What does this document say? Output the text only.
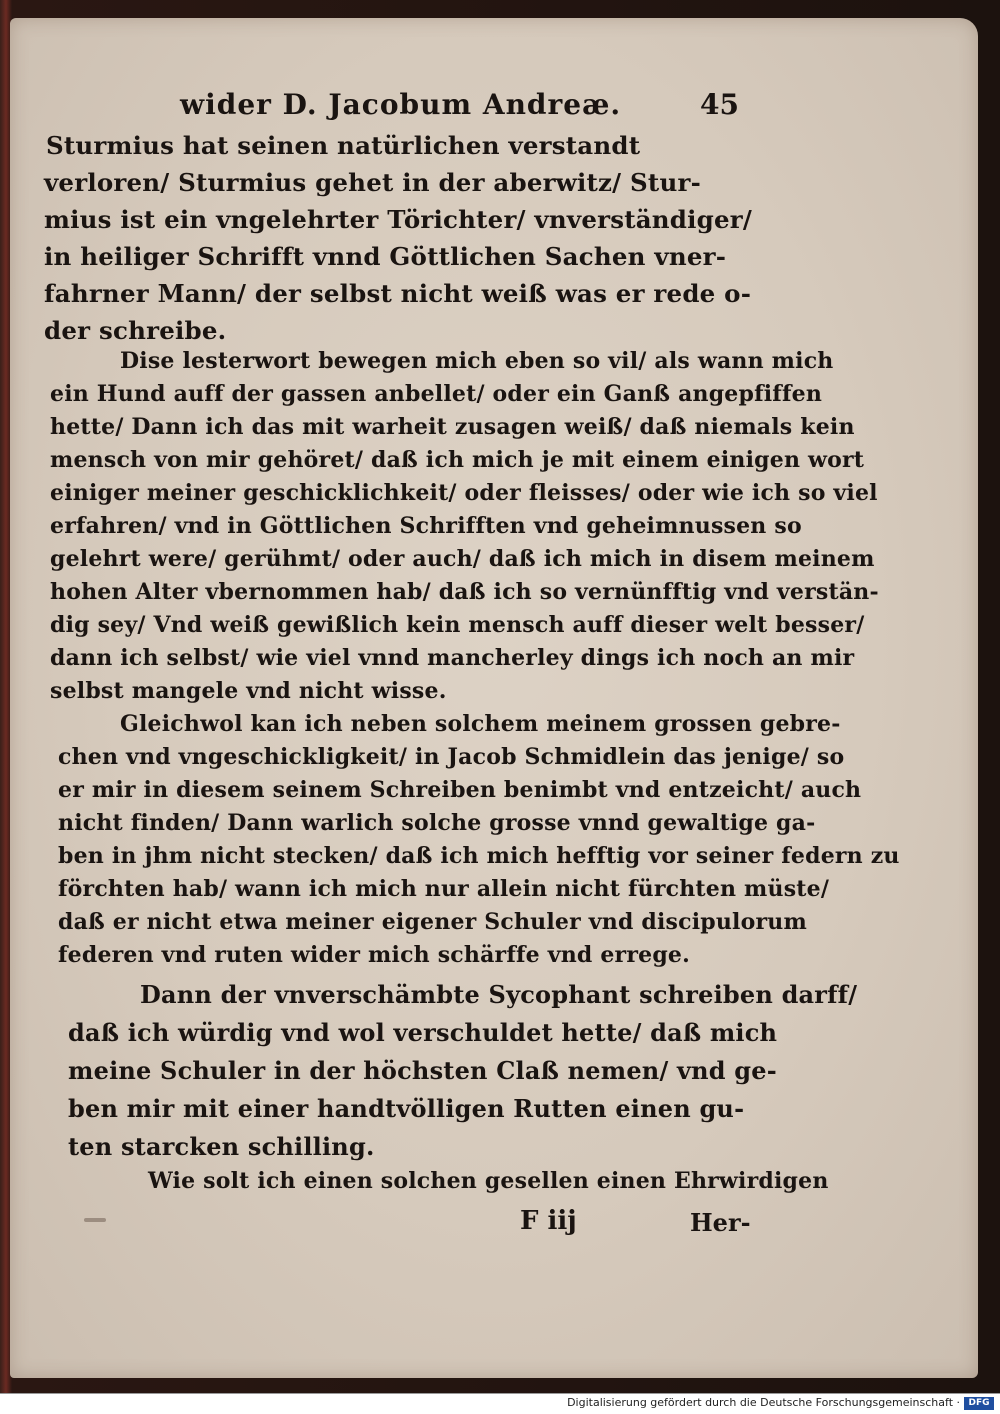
wider D. Jacobum Andreæ.	45
Sturmius hat seinen natürlichen verstandt
verloren/ Sturmius gehet in der aberwitz/ Stur-
mius ist ein vngelehrter Törichter/ vnverständiger/
in heiliger Schrifft vnnd Göttlichen Sachen vner-
fahrner Mann/ der selbst nicht weiß was er rede o-
der schreibe.
Dise lesterwort bewegen mich eben so vil/ als wann mich
ein Hund auff der gassen anbellet/ oder ein Ganß angepfiffen
hette/ Dann ich das mit warheit zusagen weiß/ daß niemals kein
mensch von mir gehöret/ daß ich mich je mit einem einigen wort
einiger meiner geschicklichkeit/ oder fleisses/ oder wie ich so viel
erfahren/ vnd in Göttlichen Schrifften vnd geheimnussen so
gelehrt were/ gerühmt/ oder auch/ daß ich mich in disem meinem
hohen Alter vbernommen hab/ daß ich so vernünfftig vnd verstän-
dig sey/ Vnd weiß gewißlich kein mensch auff dieser welt besser/
dann ich selbst/ wie viel vnnd mancherley dings ich noch an mir
selbst mangele vnd nicht wisse.
Gleichwol kan ich neben solchem meinem grossen gebre-
chen vnd vngeschickligkeit/ in Jacob Schmidlein das jenige/ so
er mir in diesem seinem Schreiben benimbt vnd entzeicht/ auch
nicht finden/ Dann warlich solche grosse vnnd gewaltige ga-
ben in jhm nicht stecken/ daß ich mich hefftig vor seiner federn zu
förchten hab/ wann ich mich nur allein nicht fürchten müste/
daß er nicht etwa meiner eigener Schuler vnd discipulorum
federen vnd ruten wider mich schärffe vnd errege.
Dann der vnverschämbte Sycophant schreiben darff/
daß ich würdig vnd wol verschuldet hette/ daß mich
meine Schuler in der höchsten Claß nemen/ vnd ge-
ben mir mit einer handtvölligen Rutten einen gu-
ten starcken schilling.
Wie solt ich einen solchen gesellen einen Ehrwirdigen
F iij	Her-
Digitalisierung gefördert durch die Deutsche Forschungsgemeinschaft · DFG
